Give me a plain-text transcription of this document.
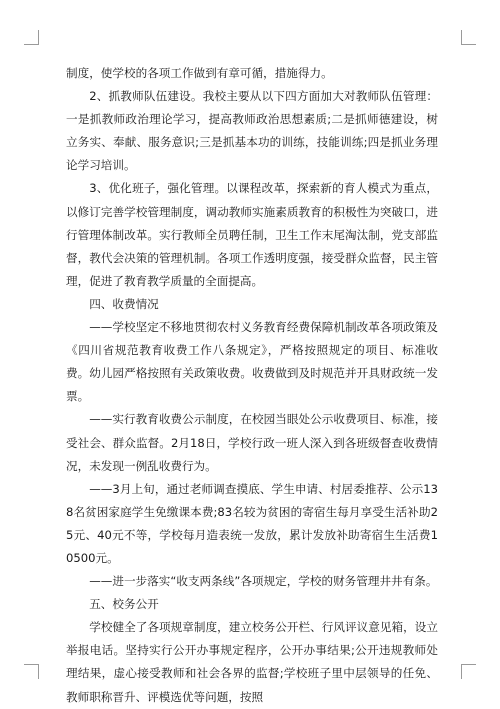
制度，使学校的各项工作做到有章可循，措施得力。

2、抓教师队伍建设。我校主要从以下四方面加大对教师队伍管理：一是抓教师政治理论学习，提高教师政治思想素质;二是抓师德建设，树立务实、奉献、服务意识;三是抓基本功的训练，技能训练;四是抓业务理论学习培训。

3、优化班子，强化管理。以课程改革，探索新的育人模式为重点，以修订完善学校管理制度，调动教师实施素质教育的积极性为突破口，进行管理体制改革。实行教师全员聘任制，卫生工作末尾淘汰制，党支部监督，教代会决策的管理机制。各项工作透明度强，接受群众监督，民主管理，促进了教育教学质量的全面提高。

四、收费情况

——学校坚定不移地贯彻农村义务教育经费保障机制改革各项政策及《四川省规范教育收费工作八条规定》，严格按照规定的项目、标准收费。幼儿园严格按照有关政策收费。收费做到及时规范并开具财政统一发票。

——实行教育收费公示制度，在校园当眼处公示收费项目、标准，接受社会、群众监督。2月18日，学校行政一班人深入到各班级督查收费情况，未发现一例乱收费行为。

——3月上旬，通过老师调查摸底、学生申请、村居委推荐、公示138名贫困家庭学生免缴课本费;83名较为贫困的寄宿生每月享受生活补助25元、40元不等，学校每月造表统一发放，累计发放补助寄宿生生活费10500元。

——进一步落实“收支两条线”各项规定，学校的财务管理井井有条。

五、校务公开

学校健全了各项规章制度，建立校务公开栏、行风评议意见箱，设立举报电话。坚持实行公开办事规定程序，公开办事结果;公开违规教师处理结果，虚心接受教师和社会各界的监督;学校班子里中层领导的任免、教师职称晋升、评模选优等问题，按照
